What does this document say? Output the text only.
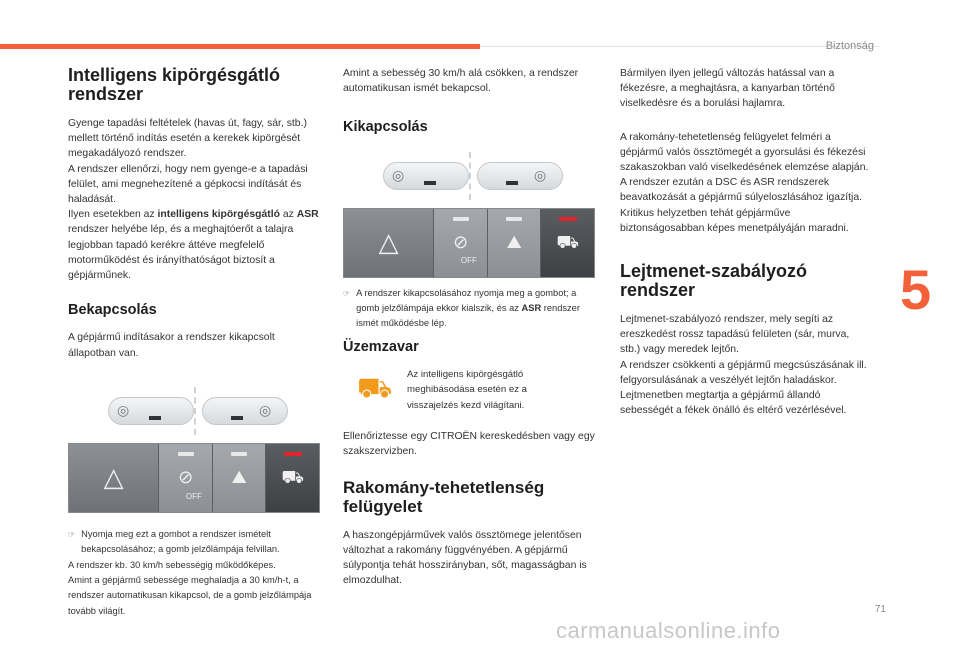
Biztonság
5
71
carmanualsonline.info
Intelligens kipörgésgátló rendszer

Gyenge tapadási feltételek (havas út, fagy, sár, stb.) mellett történő indítás esetén a kerekek kipörgését megakadályozó rendszer.
A rendszer ellenőrzi, hogy nem gyenge-e a tapadási felület, ami megnehezítené a gépkocsi indítását és haladását.
Ilyen esetekben az intelligens kipörgésgátló az ASR rendszer helyébe lép, és a meghajtóerőt a talajra legjobban tapadó kerékre áttéve megfelelő motorműködést és irányíthatóságot biztosít a gépjárműnek.

Bekapcsolás

A gépjármű indításakor a rendszer kikapcsolt állapotban van.

◎	◎
△	⊘
OFF
⛰ ⛟
☞ Nyomja meg ezt a gombot a rendszer ismételt bekapcsolásához; a gomb jelzőlámpája felvillan.
A rendszer kb. 30 km/h sebességig működőképes.
Amint a gépjármű sebessége meghaladja a 30 km/h-t, a rendszer automatikusan kikapcsol, de a gomb jelzőlámpája tovább világít.

Amint a sebesség 30 km/h alá csökken, a rendszer automatikusan ismét bekapcsol.

Kikapcsolás
◎	◎
△	⊘
OFF
⛰ ⛟
☞ A rendszer kikapcsolásához nyomja meg a gombot; a gomb jelzőlámpája ekkor kialszik, és az ASR rendszer ismét működésbe lép.
Üzemzavar
⛟ Az intelligens kipörgésgátló meghibásodása esetén ez a visszajelzés kezd világítani.

Ellenőriztesse egy CITROËN kereskedésben vagy egy szakszervizben.

Rakomány-tehetetlenség felügyelet

A haszongépjárművek valós össztömege jelentősen változhat a rakomány függvényében. A gépjármű súlypontja tehát hosszirányban, sőt, magasságban is elmozdulhat.

Bármilyen ilyen jellegű változás hatással van a fékezésre, a meghajtásra, a kanyarban történő viselkedésre és a borulási hajlamra.

A rakomány-tehetetlenség felügyelet felméri a gépjármű valós össztömegét a gyorsulási és fékezési szakaszokban való viselkedésének elemzése alapján.
A rendszer ezután a DSC és ASR rendszerek beavatkozását a gépjármű súlyeloszlásához igazítja. Kritikus helyzetben tehát gépjárműve biztonságosabban képes menetpályáján maradni.

Lejtmenet-szabályozó rendszer

Lejtmenet-szabályozó rendszer, mely segíti az ereszkedést rossz tapadású felületen (sár, murva, stb.) vagy meredek lejtőn.
A rendszer csökkenti a gépjármű megcsúszásának ill. felgyorsulásának a veszélyét lejtőn haladáskor.
Lejtmenetben megtartja a gépjármű állandó sebességét a fékek önálló és eltérő vezérlésével.
